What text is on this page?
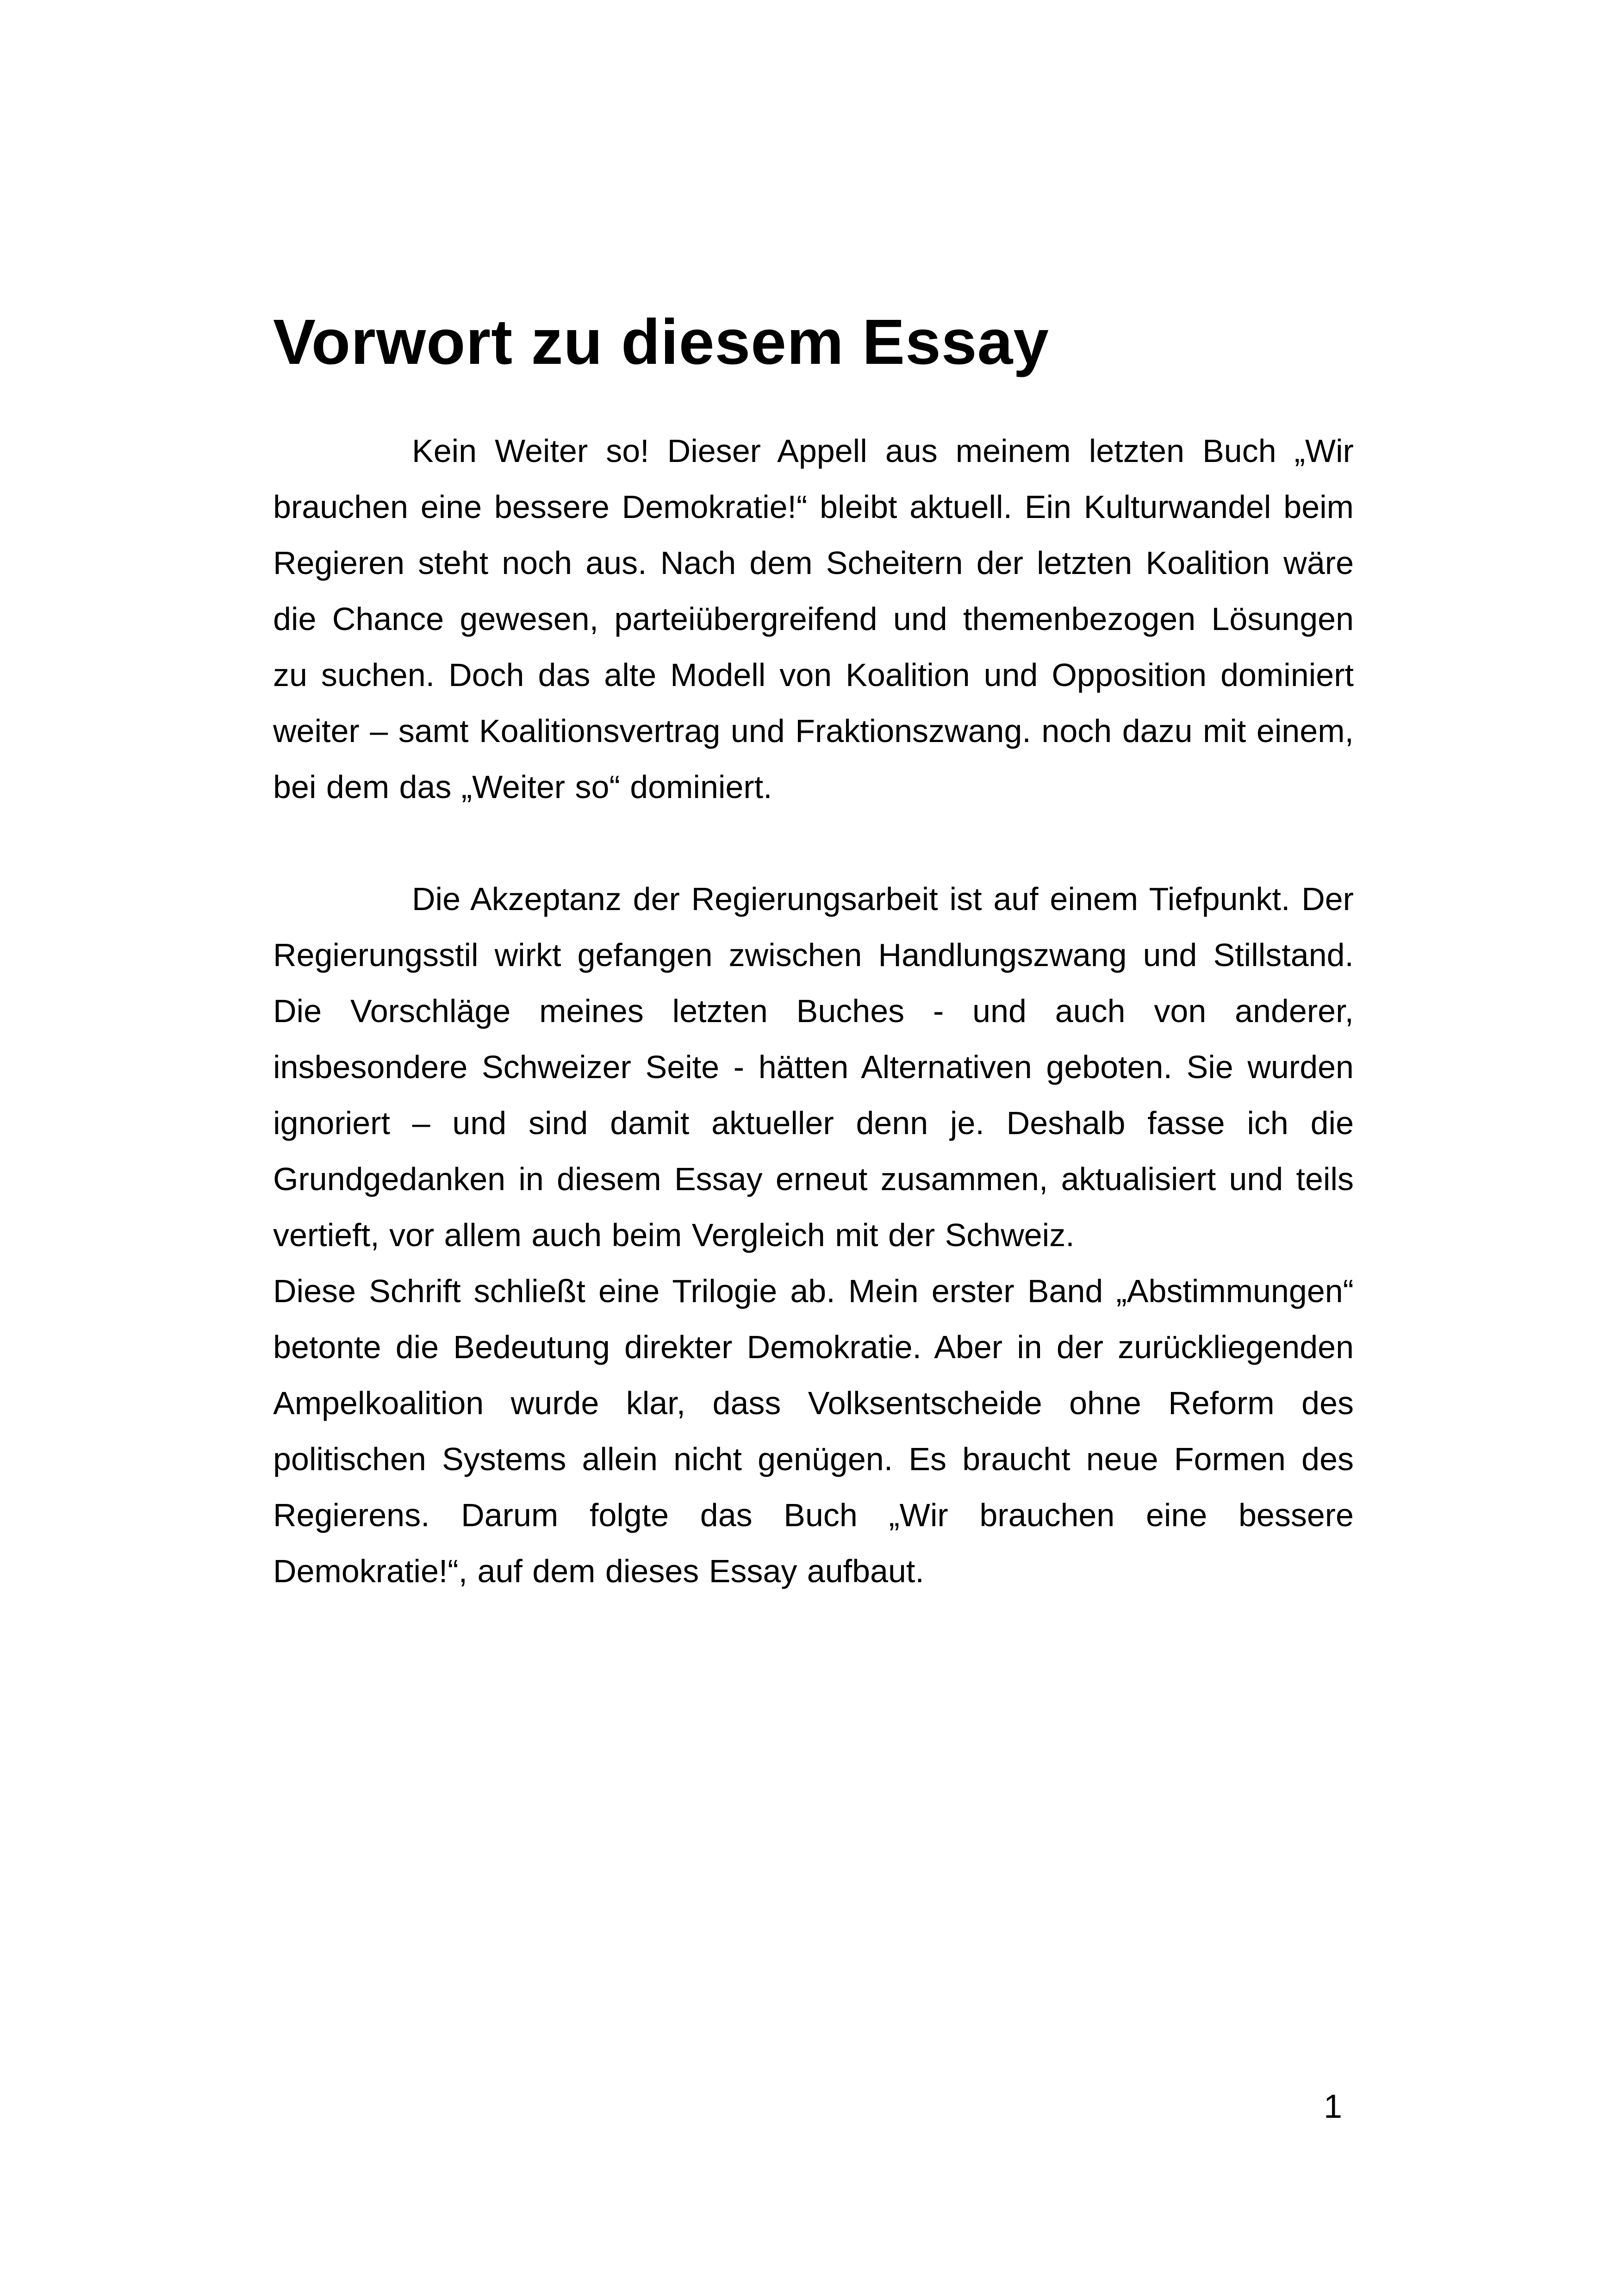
Vorwort zu diesem Essay

Kein Weiter so! Dieser Appell aus meinem letzten Buch „Wir brauchen eine bessere Demokratie!“ bleibt aktuell. Ein Kulturwandel beim Regieren steht noch aus. Nach dem Scheitern der letzten Koalition wäre die Chance gewesen, parteiübergreifend und themenbezogen Lösungen zu suchen. Doch das alte Modell von Koalition und Opposition dominiert weiter – samt Koalitionsvertrag und Fraktionszwang. noch dazu mit einem, bei dem das „Weiter so“ dominiert.

Die Akzeptanz der Regierungsarbeit ist auf einem Tiefpunkt. Der Regierungsstil wirkt gefangen zwischen Handlungszwang und Stillstand. Die Vorschläge meines letzten Buches - und auch von anderer, insbesondere Schweizer Seite - hätten Alternativen geboten. Sie wurden ignoriert – und sind damit aktueller denn je. Deshalb fasse ich die Grundgedanken in diesem Essay erneut zusammen, aktualisiert und teils vertieft, vor allem auch beim Vergleich mit der Schweiz.

Diese Schrift schließt eine Trilogie ab. Mein erster Band „Abstimmungen“ betonte die Bedeutung direkter Demokratie. Aber in der zurückliegenden Ampelkoalition wurde klar, dass Volksentscheide ohne Reform des politischen Systems allein nicht genügen. Es braucht neue Formen des Regierens. Darum folgte das Buch „Wir brauchen eine bessere Demokratie!“, auf dem dieses Essay aufbaut.

1
